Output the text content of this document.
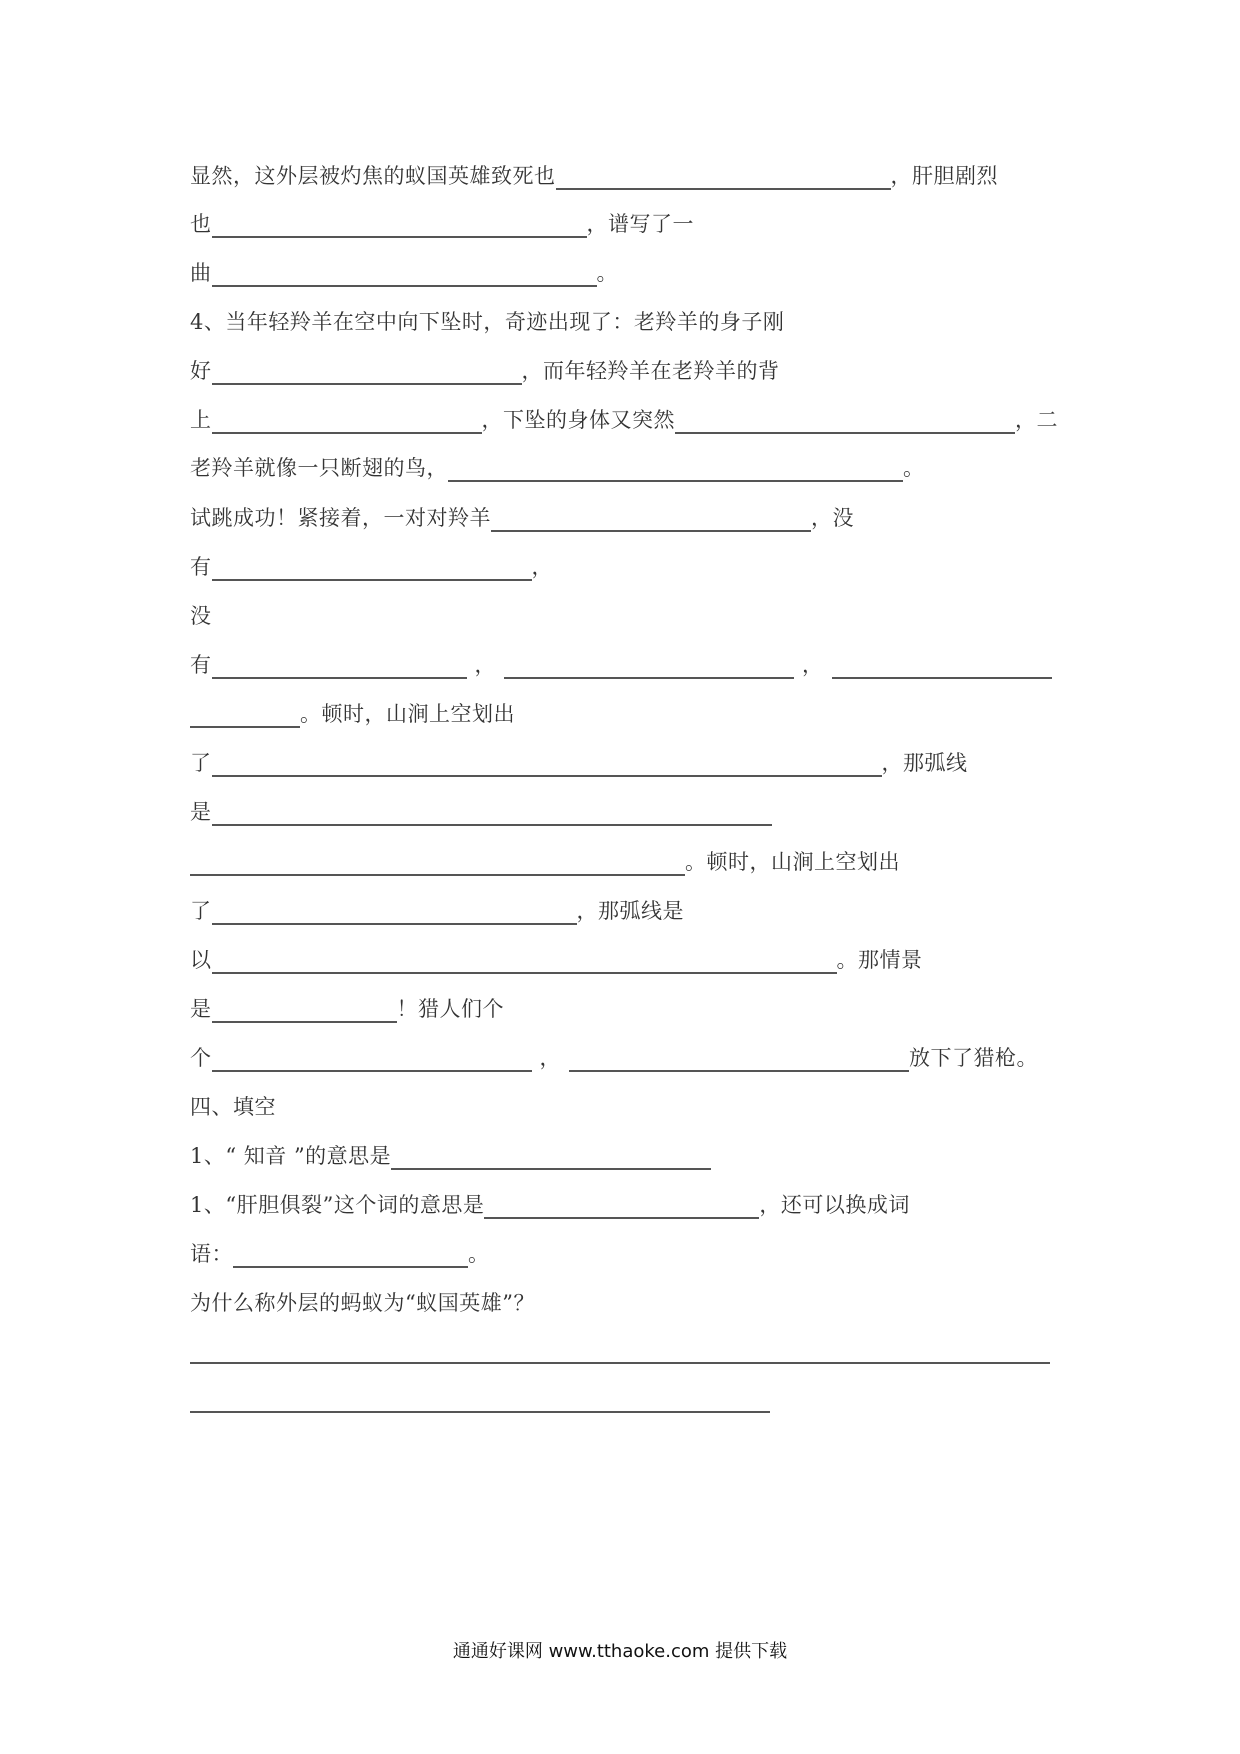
显然，这外层被灼焦的蚁国英雄致死也	，肝胆剧烈
也	，谱写了一
曲	。
4、当年轻羚羊在空中向下坠时，奇迹出现了：老羚羊的身子刚
好	，而年轻羚羊在老羚羊的背
上	，下坠的身体又突然	，二
老羚羊就像一只断翅的鸟，	。
试跳成功！紧接着，一对对羚羊	，没
有	，
没
有	，	，
。顿时，山涧上空划出
了	，那弧线
是
。顿时，山涧上空划出
了	，那弧线是
以	。那情景
是	！猎人们个
个	，	放下了猎枪。
四、填空
1、“ 知音 ”的意思是
1、“肝胆俱裂”这个词的意思是	，还可以换成词
语：	。
为什么称外层的蚂蚁为“蚁国英雄”？
通通好课网 www.tthaoke.com 提供下载
